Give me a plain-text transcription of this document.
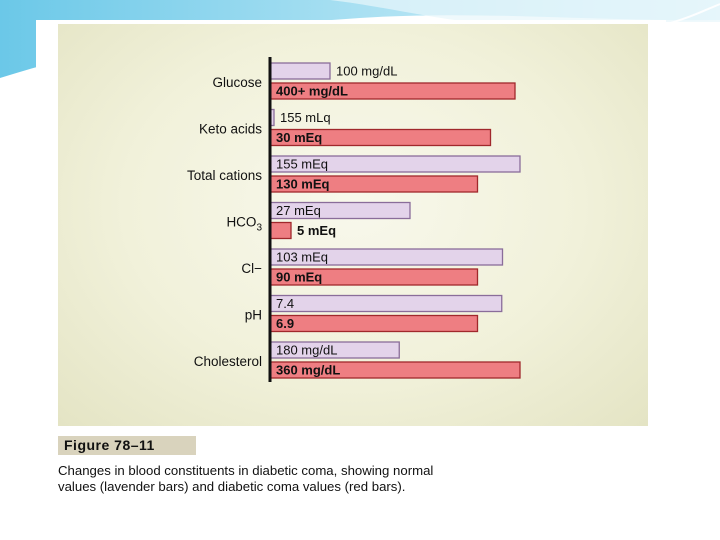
100 mg/dL
400+ mg/dL
Glucose
155 mLq
30 mEq
Keto acids
155 mEq
130 mEq
Total cations
27 mEq
5 mEq
$HCO_3$
103 mEq
90 mEq
Cl−
7.4
6.9
pH
180 mg/dL
360 mg/dL
Cholesterol
Figure 78–11

Changes in blood constituents in diabetic coma, showing normal
values (lavender bars) and diabetic coma values (red bars).
